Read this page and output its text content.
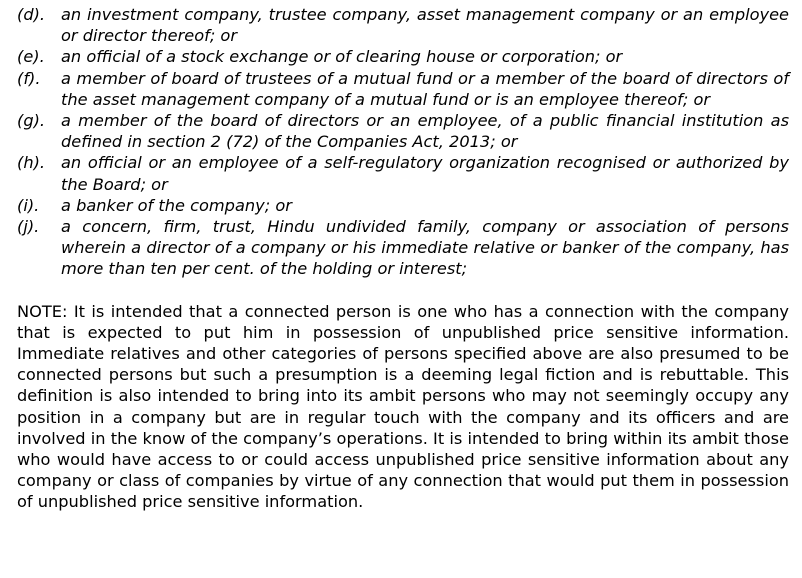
(d). an investment company, trustee company, asset management company or an employee or director thereof; or
(e). an official of a stock exchange or of clearing house or corporation; or
(f). a member of board of trustees of a mutual fund or a member of the board of directors of the asset management company of a mutual fund or is an employee thereof; or
(g). a member of the board of directors or an employee, of a public financial institution as defined in section 2 (72) of the Companies Act, 2013; or
(h). an official or an employee of a self-regulatory organization recognised or authorized by the Board; or
(i). a banker of the company; or
(j). a concern, firm, trust, Hindu undivided family, company or association of persons wherein a director of a company or his immediate relative or banker of the company, has more than ten per cent. of the holding or interest;

NOTE: It is intended that a connected person is one who has a connection with the company that is expected to put him in possession of unpublished price sensitive information. Immediate relatives and other categories of persons specified above are also presumed to be connected persons but such a presumption is a deeming legal fiction and is rebuttable. This definition is also intended to bring into its ambit persons who may not seemingly occupy any position in a company but are in regular touch with the company and its officers and are involved in the know of the company’s operations. It is intended to bring within its ambit those who would have access to or could access unpublished price sensitive information about any company or class of companies by virtue of any connection that would put them in possession of unpublished price sensitive information.
